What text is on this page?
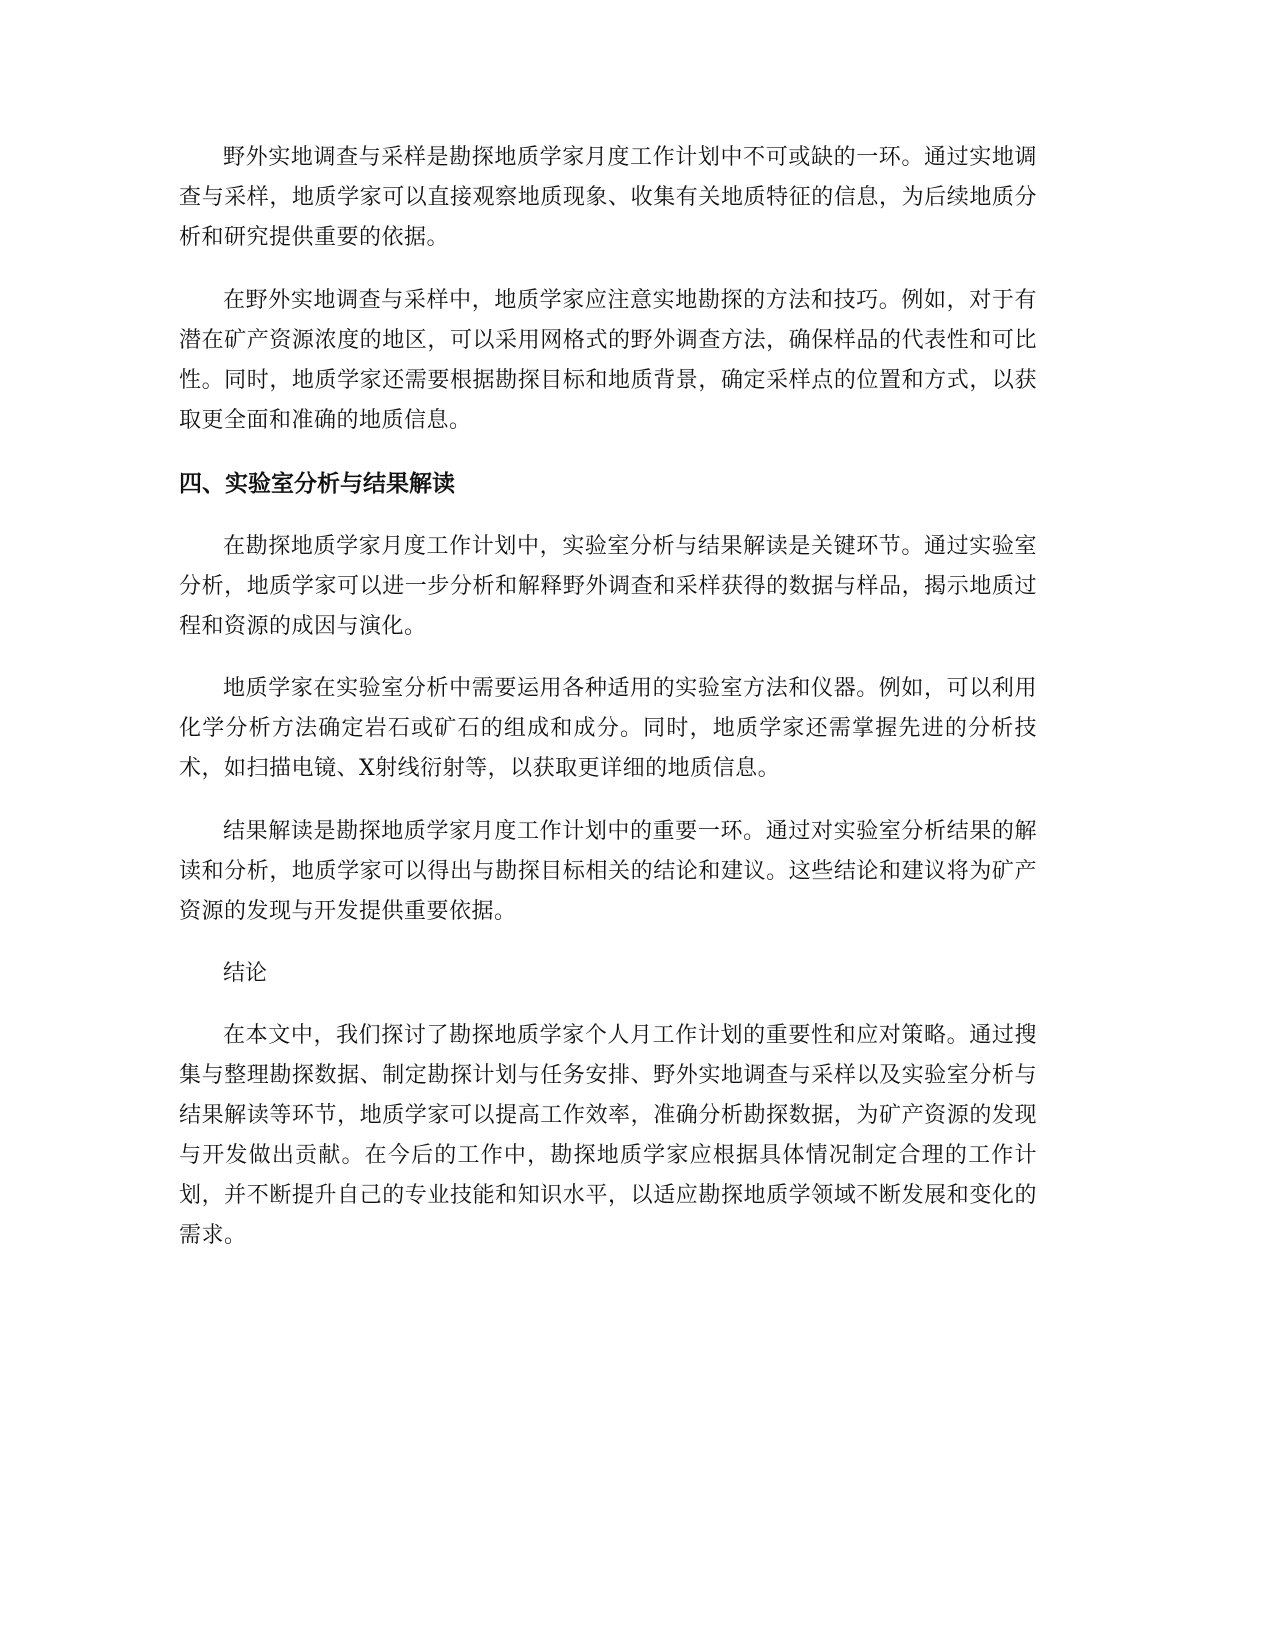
野外实地调查与采样是勘探地质学家月度工作计划中不可或缺的一环。通过实地调查与采样，地质学家可以直接观察地质现象、收集有关地质特征的信息，为后续地质分析和研究提供重要的依据。

在野外实地调查与采样中，地质学家应注意实地勘探的方法和技巧。例如，对于有潜在矿产资源浓度的地区，可以采用网格式的野外调查方法，确保样品的代表性和可比性。同时，地质学家还需要根据勘探目标和地质背景，确定采样点的位置和方式，以获取更全面和准确的地质信息。

四、实验室分析与结果解读

在勘探地质学家月度工作计划中，实验室分析与结果解读是关键环节。通过实验室分析，地质学家可以进一步分析和解释野外调查和采样获得的数据与样品，揭示地质过程和资源的成因与演化。

地质学家在实验室分析中需要运用各种适用的实验室方法和仪器。例如，可以利用化学分析方法确定岩石或矿石的组成和成分。同时，地质学家还需掌握先进的分析技术，如扫描电镜、X射线衍射等，以获取更详细的地质信息。

结果解读是勘探地质学家月度工作计划中的重要一环。通过对实验室分析结果的解读和分析，地质学家可以得出与勘探目标相关的结论和建议。这些结论和建议将为矿产资源的发现与开发提供重要依据。

结论

在本文中，我们探讨了勘探地质学家个人月工作计划的重要性和应对策略。通过搜集与整理勘探数据、制定勘探计划与任务安排、野外实地调查与采样以及实验室分析与结果解读等环节，地质学家可以提高工作效率，准确分析勘探数据，为矿产资源的发现与开发做出贡献。在今后的工作中，勘探地质学家应根据具体情况制定合理的工作计划，并不断提升自己的专业技能和知识水平，以适应勘探地质学领域不断发展和变化的需求。
